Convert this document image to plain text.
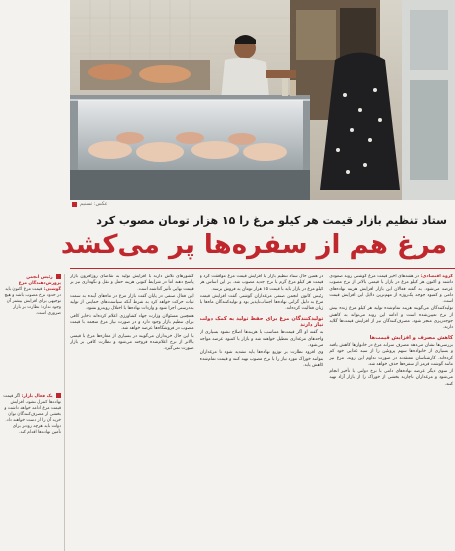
عکس: تسنیم
ستاد تنظیم بازار قیمت هر کیلو مرغ را ۱۵ هزار تومان مصوب کرد
مرغ هم از سفره‌ها پر می‌کشد

گروه اقتصادی: در هفته‌های اخیر قیمت مرغ گوشتی روند صعودی داشته و اکنون هر کیلو مرغ در بازار با قیمتی بالاتر از نرخ مصوب عرضه می‌شود. به گفته فعالان این بازار افزایش هزینه نهاده‌های دامی و کمبود جوجه یک‌روزه از مهم‌ترین دلایل این افزایش قیمت است.

تولیدکنندگان می‌گویند هزینه تمام‌شده تولید هر کیلو مرغ زنده بیش از نرخ تعیین‌شده است و ادامه این روند می‌تواند به کاهش جوجه‌ریزی منجر شود. مصرف‌کنندگان نیز از افزایش قیمت‌ها گلایه دارند.

کاهش مصرف و افزایش قیمت‌ها

بررسی‌ها نشان می‌دهد مصرف سرانه مرغ در خانوارها کاهش یافته و بسیاری از خانواده‌ها سهم پروتئین را از سبد غذایی خود کم کرده‌اند. کارشناسان معتقدند در صورت تداوم این روند، مرغ نیز مانند گوشت قرمز از سفره‌ها حذف خواهد شد.

از سوی دیگر عرضه نهاده‌های دامی با نرخ دولتی با تأخیر انجام می‌شود و مرغداران ناچارند بخشی از خوراک را از بازار آزاد تهیه کنند.

در همین حال ستاد تنظیم بازار با افزایش قیمت مرغ موافقت کرد و قیمت هر کیلو مرغ گرم با نرخ جدید مصوب شد. بر این اساس هر کیلو مرغ در بازار باید با قیمت ۱۵ هزار تومان به فروش برسد.

رئیس کانون انجمن صنفی مرغداران گوشتی گفت افزایش قیمت مرغ به دلیل گرانی نهاده‌ها اجتناب‌ناپذیر بود و تولیدکنندگان ماه‌ها با زیان فعالیت کرده‌اند.

تولیدکنندگان مرغ برای حفظ تولید به کمک دولت نیاز دارند

به گفته او اگر قیمت‌ها متناسب با هزینه‌ها اصلاح نشود بسیاری از واحدهای مرغداری تعطیل خواهند شد و بازار با کمبود عرضه مواجه می‌شود.

وی افزود نظارت بر توزیع نهاده‌ها باید تشدید شود تا مرغداران بتوانند خوراک مورد نیاز را با نرخ مصوب تهیه کنند و قیمت تمام‌شده کاهش یابد.

کشورهای تلاش دارند با افزایش تولید به تقاضای روزافزون بازار پاسخ دهند اما در شرایط کنونی هزینه حمل و نقل و نگهداری نیز بر قیمت نهایی تأثیر گذاشته است.

این فعال صنفی در پایان گفت بازار مرغ در ماه‌های آینده به سمت ثبات حرکت خواهد کرد به شرط آنکه سیاست‌های حمایتی از تولید به‌درستی اجرا شود و واردات نهاده‌ها با اختلال روبه‌رو نشود.

همچنین مسئولان وزارت جهاد کشاورزی اعلام کرده‌اند ذخایر کافی برای تنظیم بازار وجود دارد و در صورت نیاز مرغ منجمد با قیمت مصوب در فروشگاه‌ها عرضه خواهد شد.

با این حال خریداران می‌گویند در بسیاری از مغازه‌ها مرغ با قیمتی بالاتر از نرخ اعلام‌شده فروخته می‌شود و نظارت کافی بر بازار صورت نمی‌گیرد.

رئیس انجمن پرورش‌دهندگان مرغ گوشتی: قیمت مرغ اکنون باید در حدود نرخ مصوب باشد و هیچ توجیهی برای افزایش بیشتر آن وجود ندارد؛ نظارت بر بازار ضروری است.
یک فعال بازار: اگر قیمت نهاده‌ها کنترل نشود، افزایش قیمت مرغ ادامه خواهد داشت و بخشی از مصرف‌کنندگان توان خرید آن را از دست خواهند داد. دولت باید هرچه زودتر برای تأمین نهاده‌ها اقدام کند.
